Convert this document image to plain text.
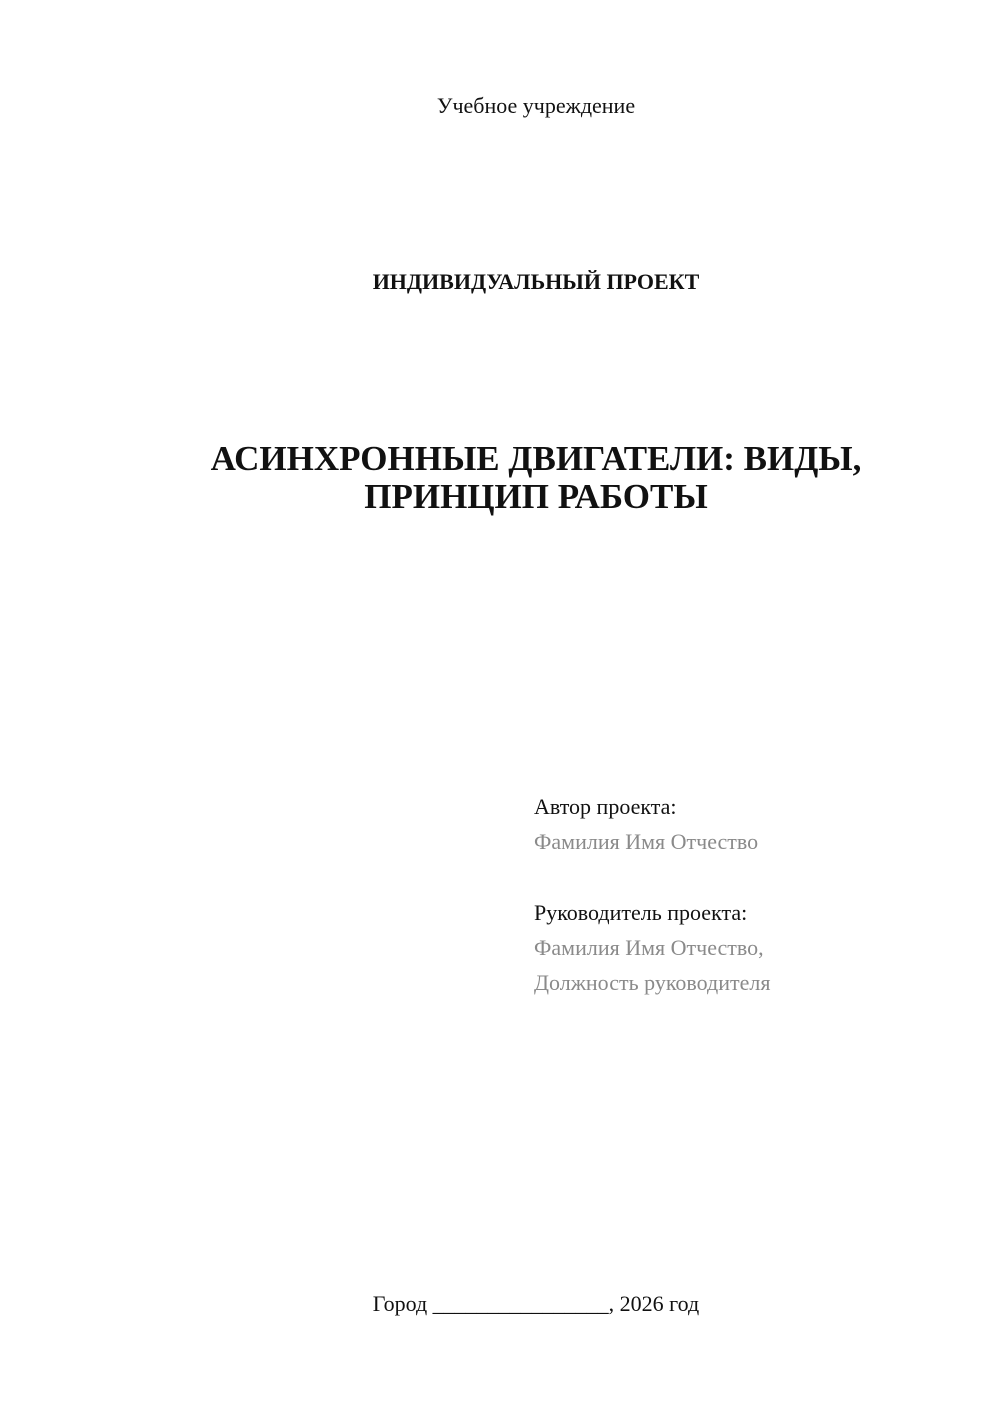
Учебное учреждение
ИНДИВИДУАЛЬНЫЙ ПРОЕКТ
АСИНХРОННЫЕ ДВИГАТЕЛИ: ВИДЫ,
ПРИНЦИП РАБОТЫ
Автор проекта:
Фамилия Имя Отчество
Руководитель проекта:
Фамилия Имя Отчество,
Должность руководителя
Город ________________, 2026 год
